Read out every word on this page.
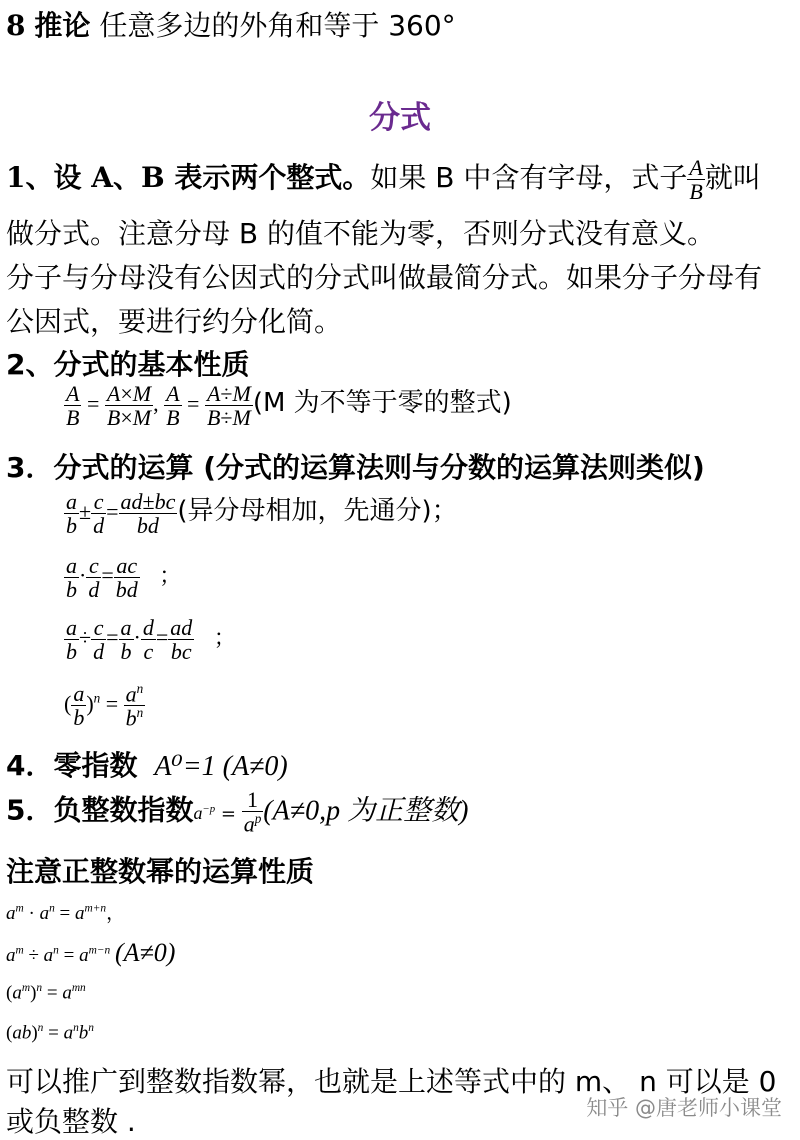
8 推论 任意多边的外角和等于 360°
分式
1、设 A、B 表示两个整式。如果 B 中含有字母，式子 $\frac{A}{B}$ 就叫
做分式。注意分母 B 的值不能为零，否则分式没有意义。
分子与分母没有公因式的分式叫做最简分式。如果分子分母有
公因式，要进行约分化简。
2、分式的基本性质
$\frac{A}{B} = \frac{A\times M}{B\times M}$ , $\frac{A}{B} = \frac{A\div M}{B\div M} (M$ 为不等于零的整式)
3．分式的运算 (分式的运算法则与分数的运算法则类似)
$\frac{a}{b} \pm \frac{c}{d} = \frac{ad\pm bc}{bd}$ (异分母相加，先通分)；
$\frac{a}{b} \cdot \frac{c}{d} = \frac{ac}{bd}$ ；
$\frac{a}{b} \div \frac{c}{d} = \frac{a}{b} \cdot \frac{d}{c} = \frac{ad}{bc}$ ；
( $\frac{a}{b} )^n = \frac{a^n}{b^n}$
4．零指数 A⁰=1 (A≠0)
5．负整数指数$a^{-p} = \frac{1}{a^p} (A\ne 0,p$ 为正整数)
注意正整数幂的运算性质
$a^m \cdot a^n = a^{m+n}$，
$a^m \div a^n = a^{m-n}$ (A≠0)
$(a^m)^n = a^{mn}$
$(ab)^n = a^nb^n$
可以推广到整数指数幂，也就是上述等式中的 m、 n 可以是 0
或负整数 .	知乎 @唐老师小课堂
